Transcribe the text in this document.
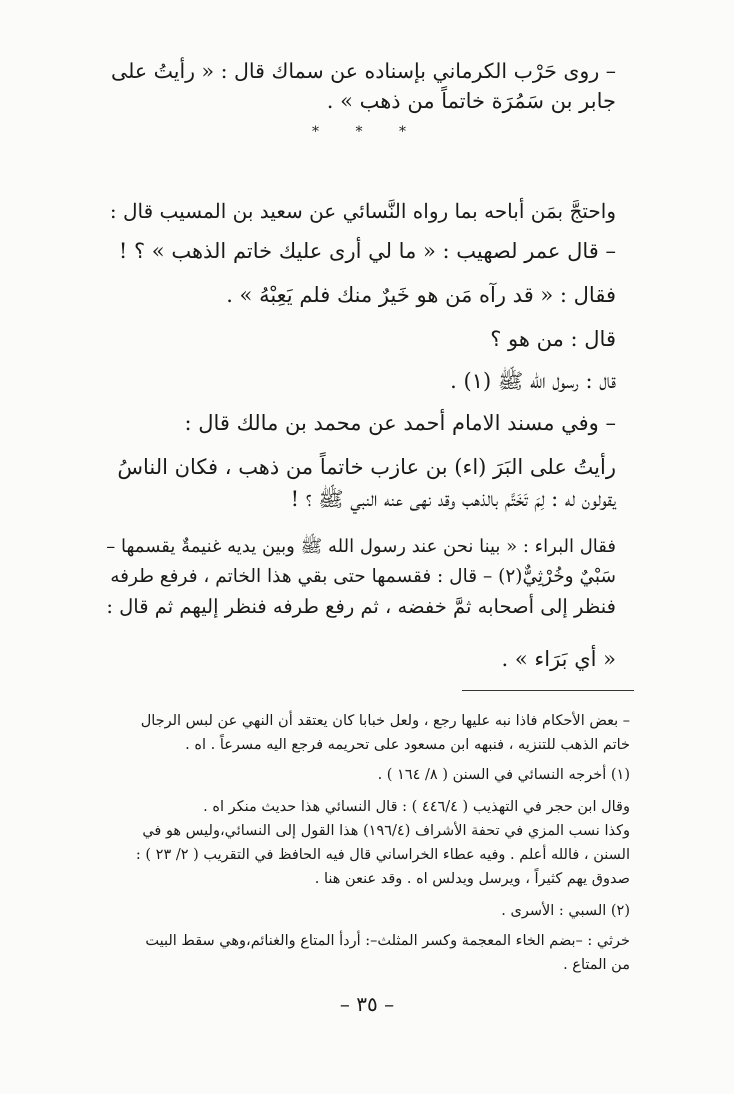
– روى حَرْب الكرماني بإسناده عن سماك قال : « رأيتُ على
جابر بن سَمُرَة خاتماً من ذهب » .
* * *
واحتجَّ بمَن أباحه بما رواه النَّسائي عن سعيد بن المسيب قال :
– قال عمر لصهيب : « ما لي أرى عليك خاتم الذهب » ؟ !
فقال : « قد رآه مَن هو خَيرٌ منك فلم يَعِبْهُ » .
قال : من هو ؟
قال : رسول الله ﷺ (١) .
– وفي مسند الامام أحمد عن محمد بن مالك قال :
رأيتُ على البَرَ (اء) بن عازب خاتماً من ذهب ، فكان الناسُ
يقولون له : لِمَ تَخَتَّم بالذهب وقد نهى عنه النبي ﷺ ؟ !
فقال البراء : « بينا نحن عند رسول الله ﷺ وبين يديه غنيمةٌ يقسمها –
سَبْيٌ وخُرْثِيٌّ(٢) – قال : فقسمها حتى بقي هذا الخاتم ، فرفع طرفه
فنظر إلى أصحابه ثمَّ خفضه ، ثم رفع طرفه فنظر إليهم ثم قال :
« أي بَرَاء » .
– بعض الأحكام فاذا نبه عليها رجع ، ولعل خبابا كان يعتقد أن النهي عن لبس الرجال
خاتم الذهب للتنزيه ، فنبهه ابن مسعود على تحريمه فرجع اليه مسرعاً . اه .
(١) أخرجه النسائي في السنن ( ٨/ ١٦٤ ) .
وقال ابن حجر في التهذيب ( ٤٤٦/٤ ) : قال النسائي هذا حديث منكر اه .
وكذا نسب المزي في تحفة الأشراف (١٩٦/٤) هذا القول إلى النسائي،وليس هو في
السنن ، فالله أعلم . وفيه عطاء الخراساني قال فيه الحافظ في التقريب ( ٢/ ٢٣ ) :
صدوق يهم كثيراً ، ويرسل ويدلس اه . وقد عنعن هنا .
(٢) السبي : الأسرى .
خرثي : –بضم الخاء المعجمة وكسر المثلث–: أردأ المتاع والغنائم،وهي سقط البيت
من المتاع .
– ٣٥ –
